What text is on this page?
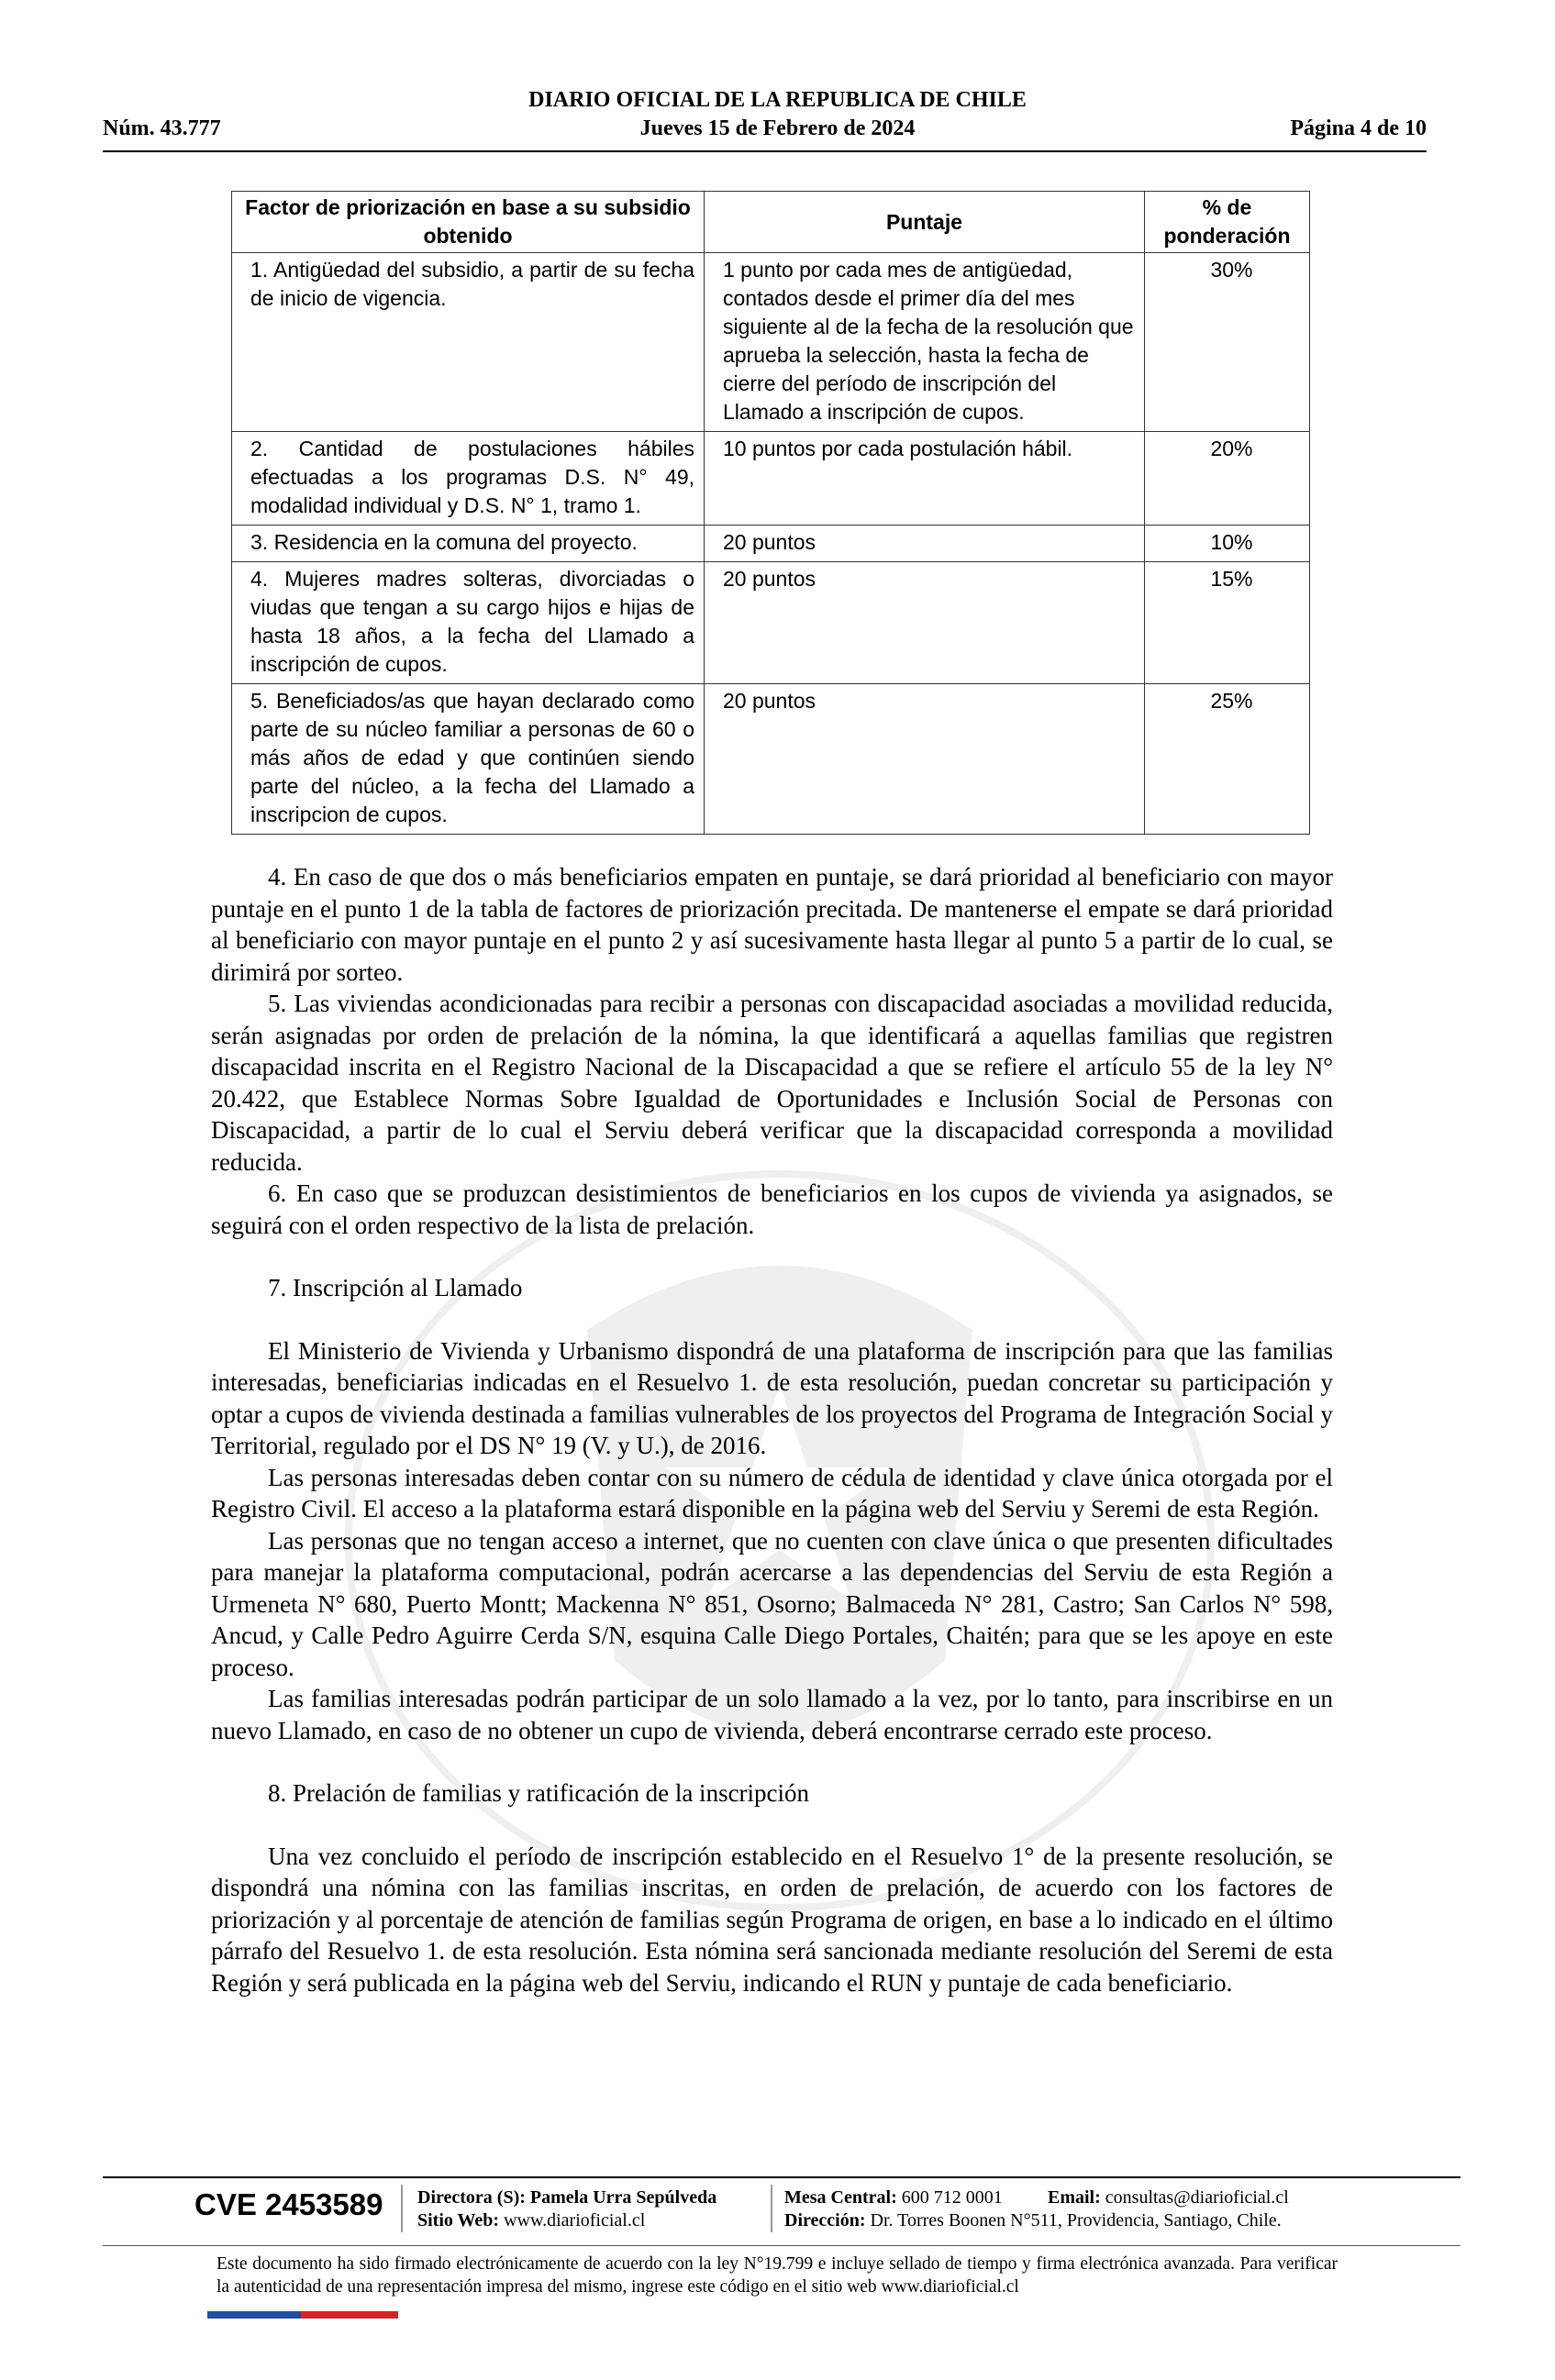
DIARIO OFICIAL DE LA REPUBLICA DE CHILE
Núm. 43.777	Jueves 15 de Febrero de 2024	Página 4 de 10
Factor de priorización en base a su subsidio obtenido	Puntaje	% de ponderación
1. Antigüedad del subsidio, a partir de su fecha de inicio de vigencia.	1 punto por cada mes de antigüedad, contados desde el primer día del mes siguiente al de la fecha de la resolución que aprueba la selección, hasta la fecha de cierre del período de inscripción del Llamado a inscripción de cupos.	30%
2. Cantidad de postulaciones hábiles efectuadas a los programas D.S. N° 49, modalidad individual y D.S. N° 1, tramo 1.	10 puntos por cada postulación hábil.	20%
3. Residencia en la comuna del proyecto.	20 puntos	10%
4. Mujeres madres solteras, divorciadas o viudas que tengan a su cargo hijos e hijas de hasta 18 años, a la fecha del Llamado a inscripción de cupos.	20 puntos	15%
5. Beneficiados/as que hayan declarado como parte de su núcleo familiar a personas de 60 o más años de edad y que continúen siendo parte del núcleo, a la fecha del Llamado a inscripcion de cupos.	20 puntos	25%

4. En caso de que dos o más beneficiarios empaten en puntaje, se dará prioridad al beneficiario con mayor puntaje en el punto 1 de la tabla de factores de priorización precitada. De mantenerse el empate se dará prioridad al beneficiario con mayor puntaje en el punto 2 y así sucesivamente hasta llegar al punto 5 a partir de lo cual, se dirimirá por sorteo.

5. Las viviendas acondicionadas para recibir a personas con discapacidad asociadas a movilidad reducida, serán asignadas por orden de prelación de la nómina, la que identificará a aquellas familias que registren discapacidad inscrita en el Registro Nacional de la Discapacidad a que se refiere el artículo 55 de la ley N° 20.422, que Establece Normas Sobre Igualdad de Oportunidades e Inclusión Social de Personas con Discapacidad, a partir de lo cual el Serviu deberá verificar que la discapacidad corresponda a movilidad reducida.

6. En caso que se produzcan desistimientos de beneficiarios en los cupos de vivienda ya asignados, se seguirá con el orden respectivo de la lista de prelación.

7. Inscripción al Llamado

El Ministerio de Vivienda y Urbanismo dispondrá de una plataforma de inscripción para que las familias interesadas, beneficiarias indicadas en el Resuelvo 1. de esta resolución, puedan concretar su participación y optar a cupos de vivienda destinada a familias vulnerables de los proyectos del Programa de Integración Social y Territorial, regulado por el DS N° 19 (V. y U.), de 2016.

Las personas interesadas deben contar con su número de cédula de identidad y clave única otorgada por el Registro Civil. El acceso a la plataforma estará disponible en la página web del Serviu y Seremi de esta Región.

Las personas que no tengan acceso a internet, que no cuenten con clave única o que presenten dificultades para manejar la plataforma computacional, podrán acercarse a las dependencias del Serviu de esta Región a Urmeneta N° 680, Puerto Montt; Mackenna N° 851, Osorno; Balmaceda N° 281, Castro; San Carlos N° 598, Ancud, y Calle Pedro Aguirre Cerda S/N, esquina Calle Diego Portales, Chaitén; para que se les apoye en este proceso.

Las familias interesadas podrán participar de un solo llamado a la vez, por lo tanto, para inscribirse en un nuevo Llamado, en caso de no obtener un cupo de vivienda, deberá encontrarse cerrado este proceso.

8. Prelación de familias y ratificación de la inscripción

Una vez concluido el período de inscripción establecido en el Resuelvo 1° de la presente resolución, se dispondrá una nómina con las familias inscritas, en orden de prelación, de acuerdo con los factores de priorización y al porcentaje de atención de familias según Programa de origen, en base a lo indicado en el último párrafo del Resuelvo 1. de esta resolución. Esta nómina será sancionada mediante resolución del Seremi de esta Región y será publicada en la página web del Serviu, indicando el RUN y puntaje de cada beneficiario.

CVE 2453589 Directora (S): Pamela Urra Sepúlveda
Sitio Web: www.diarioficial.cl
Mesa Central: 600 712 0001 Email: consultas@diarioficial.cl
Dirección: Dr. Torres Boonen N°511, Providencia, Santiago, Chile.
Este documento ha sido firmado electrónicamente de acuerdo con la ley N°19.799 e incluye sellado de tiempo y firma electrónica avanzada. Para verificar la autenticidad de una representación impresa del mismo, ingrese este código en el sitio web www.diarioficial.cl
